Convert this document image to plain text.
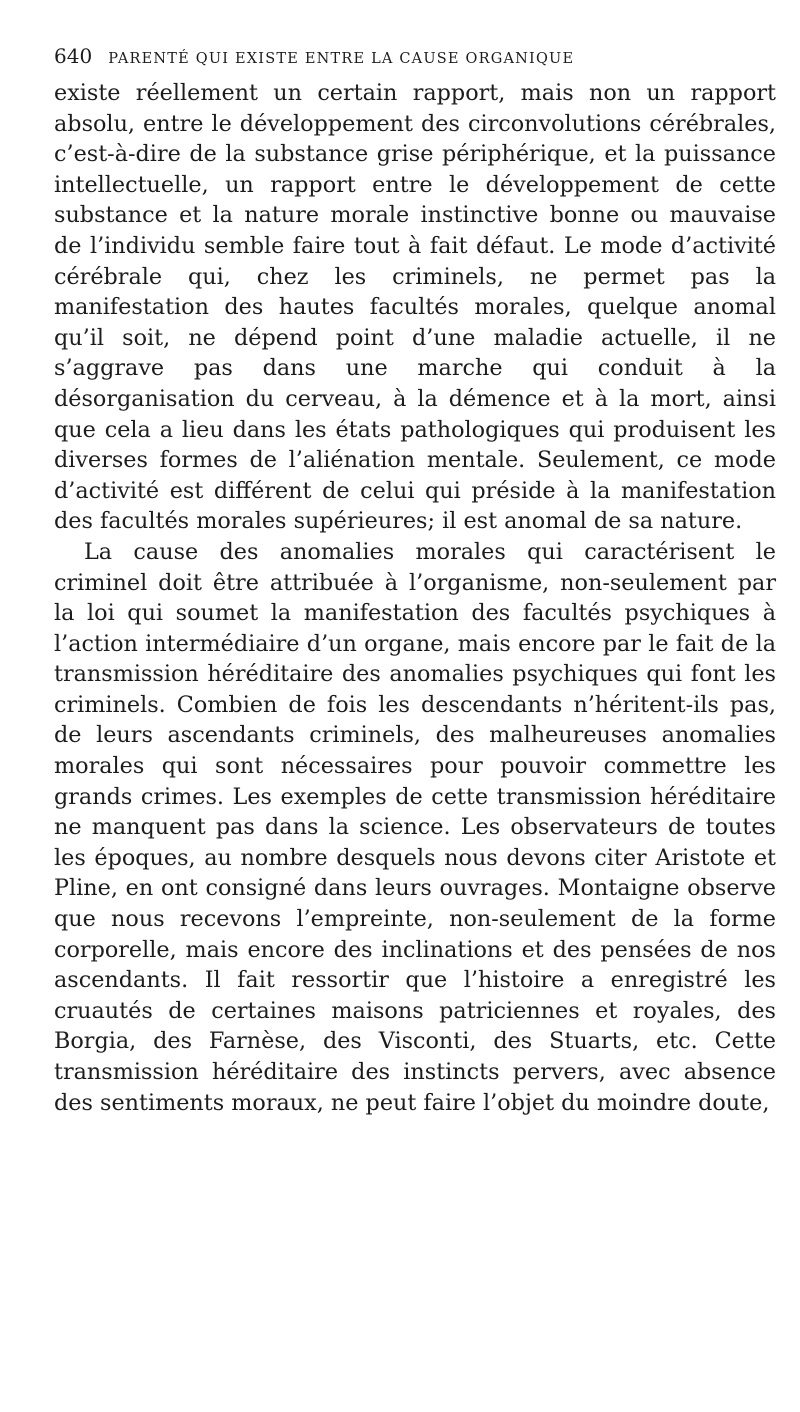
640 PARENTÉ QUI EXISTE ENTRE LA CAUSE ORGANIQUE

existe réellement un certain rapport, mais non un rapport absolu, entre le développement des circonvolutions cérébrales, c’est-à-dire de la substance grise périphérique, et la puissance intellectuelle, un rapport entre le développement de cette substance et la nature morale instinctive bonne ou mauvaise de l’individu semble faire tout à fait défaut. Le mode d’activité cérébrale qui, chez les criminels, ne permet pas la manifestation des hautes facultés morales, quelque anomal qu’il soit, ne dépend point d’une maladie actuelle, il ne s’aggrave pas dans une marche qui conduit à la désorganisation du cerveau, à la démence et à la mort, ainsi que cela a lieu dans les états pathologiques qui produisent les diverses formes de l’aliénation mentale. Seulement, ce mode d’activité est différent de celui qui préside à la manifestation des facultés morales supérieures; il est anomal de sa nature.

La cause des anomalies morales qui caractérisent le criminel doit être attribuée à l’organisme, non-seulement par la loi qui soumet la manifestation des facultés psychiques à l’action intermédiaire d’un organe, mais encore par le fait de la transmission héréditaire des anomalies psychiques qui font les criminels. Combien de fois les descendants n’héritent-ils pas, de leurs ascendants criminels, des malheureuses anomalies morales qui sont nécessaires pour pouvoir commettre les grands crimes. Les exemples de cette transmission héréditaire ne manquent pas dans la science. Les observateurs de toutes les époques, au nombre desquels nous devons citer Aristote et Pline, en ont consigné dans leurs ouvrages. Montaigne observe que nous recevons l’empreinte, non-seulement de la forme corporelle, mais encore des inclinations et des pensées de nos ascendants. Il fait ressortir que l’histoire a enregistré les cruautés de certaines maisons patriciennes et royales, des Borgia, des Farnèse, des Visconti, des Stuarts, etc. Cette transmission héréditaire des instincts pervers, avec absence des sentiments moraux, ne peut faire l’objet du moindre doute,
